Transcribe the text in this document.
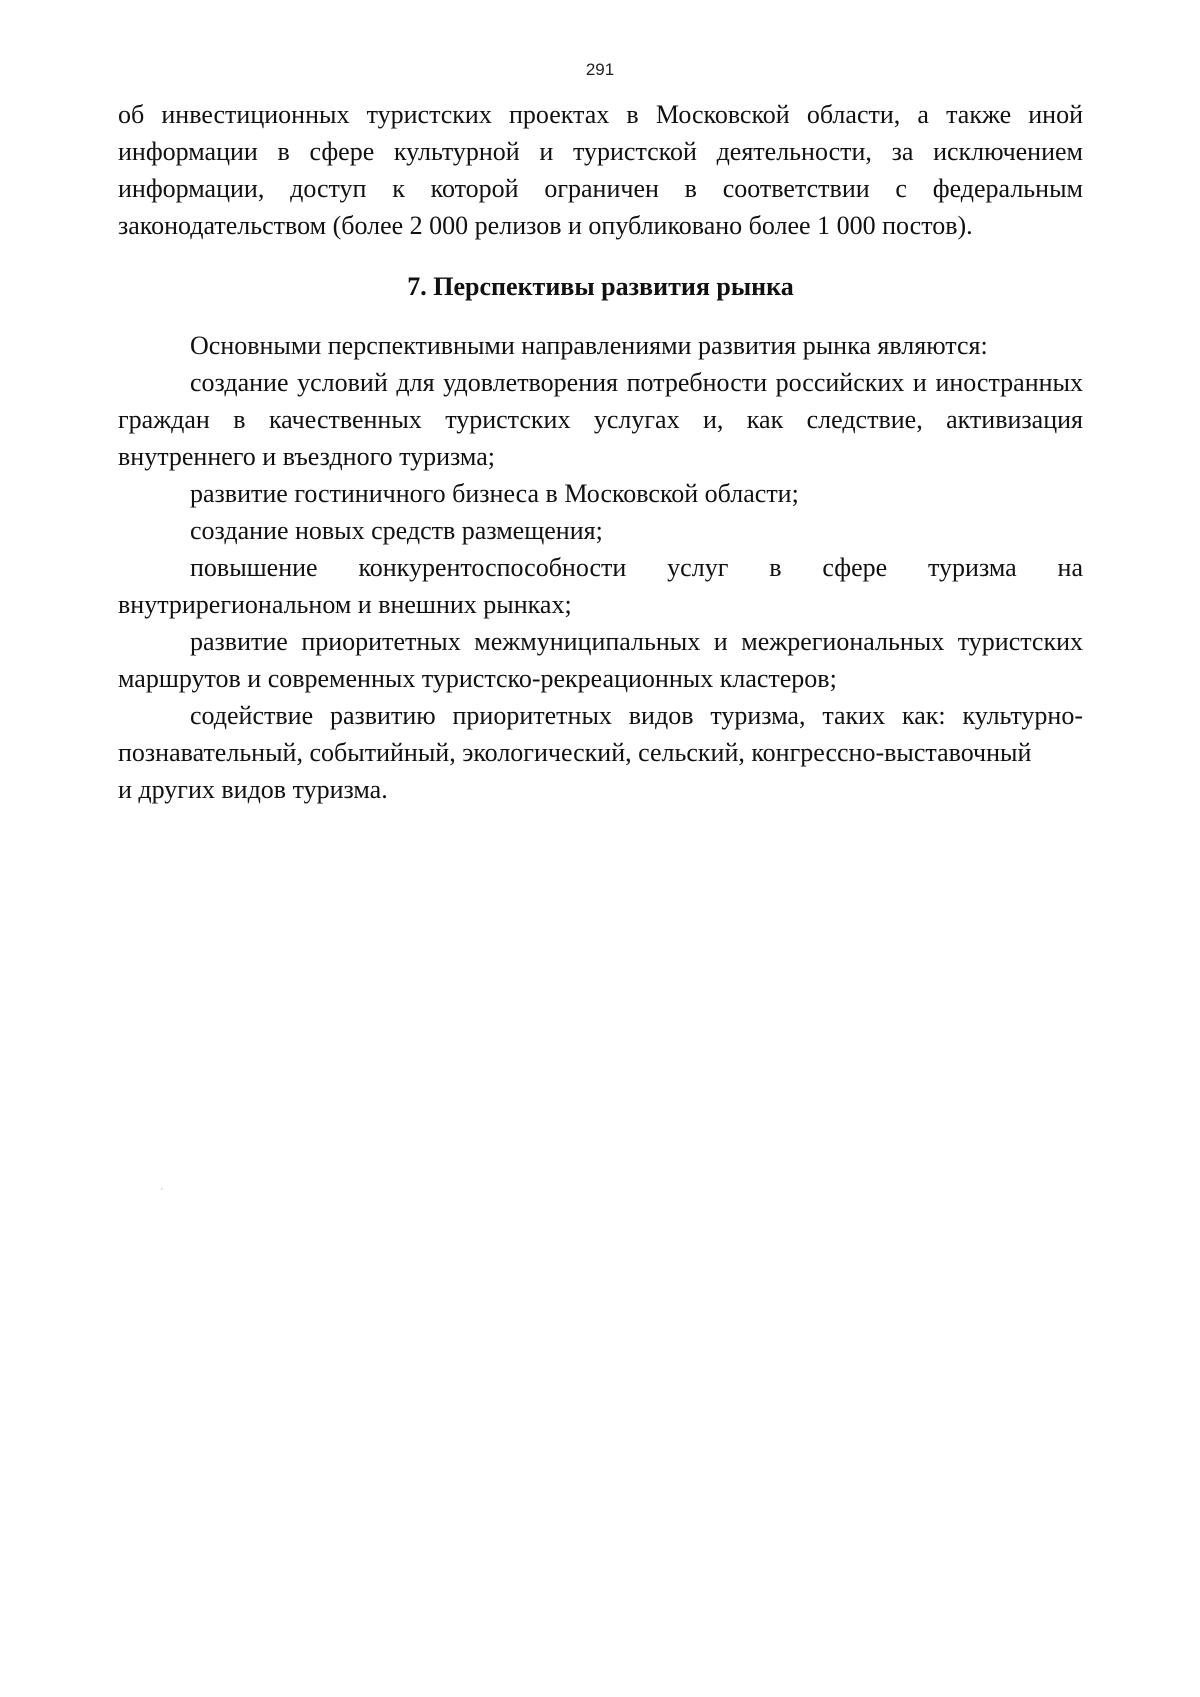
291

об инвестиционных туристских проектах в Московской области, а также иной информации в сфере культурной и туристской деятельности, за исключением информации, доступ к которой ограничен в соответствии с федеральным законодательством (более 2 000 релизов и опубликовано более 1 000 постов).

7. Перспективы развития рынка

Основными перспективными направлениями развития рынка являются:

создание условий для удовлетворения потребности российских и иностранных граждан в качественных туристских услугах и, как следствие, активизация внутреннего и въездного туризма;

развитие гостиничного бизнеса в Московской области;

создание новых средств размещения;

повышение конкурентоспособности услуг в сфере туризма на внутрирегиональном и внешних рынках;

развитие приоритетных межмуниципальных и межрегиональных туристских маршрутов и современных туристско-рекреационных кластеров;

содействие развитию приоритетных видов туризма, таких как: культурно-познавательный, событийный, экологический, сельский, конгрессно-выставочный

и других видов туризма.

´
